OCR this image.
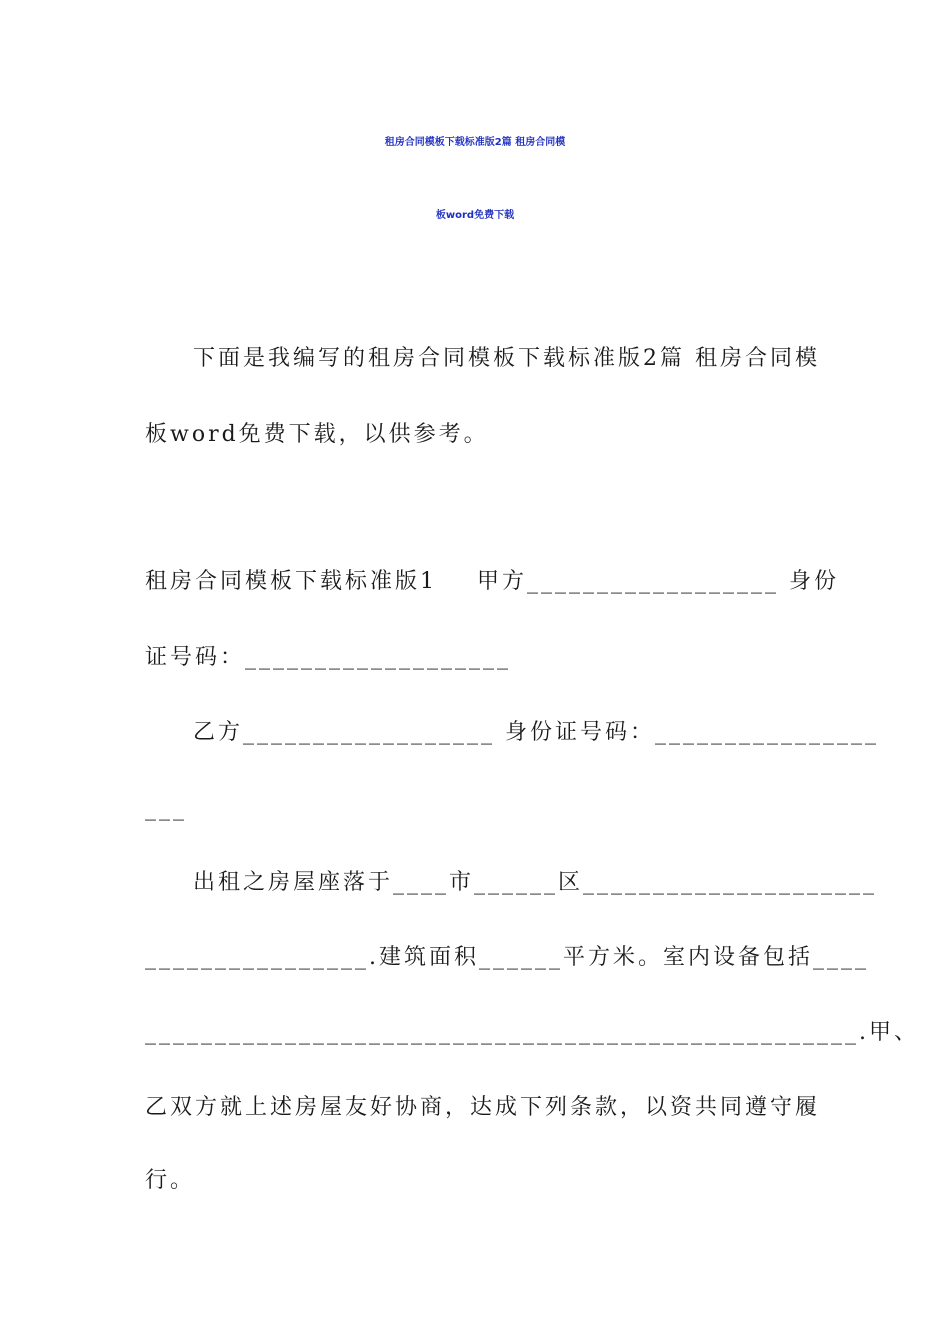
租房合同模板下载标准版2篇 租房合同模
板word免费下载
下面是我编写的租房合同模板下载标准版2篇 租房合同模
板word免费下载，以供参考。
租房合同模板下载标准版1    甲方__________________ 身份
证号码：___________________
乙方__________________ 身份证号码：________________
___
出租之房屋座落于____市______区_____________________
________________.建筑面积______平方米。室内设备包括____
___________________________________________________.甲、
乙双方就上述房屋友好协商，达成下列条款，以资共同遵守履
行。
